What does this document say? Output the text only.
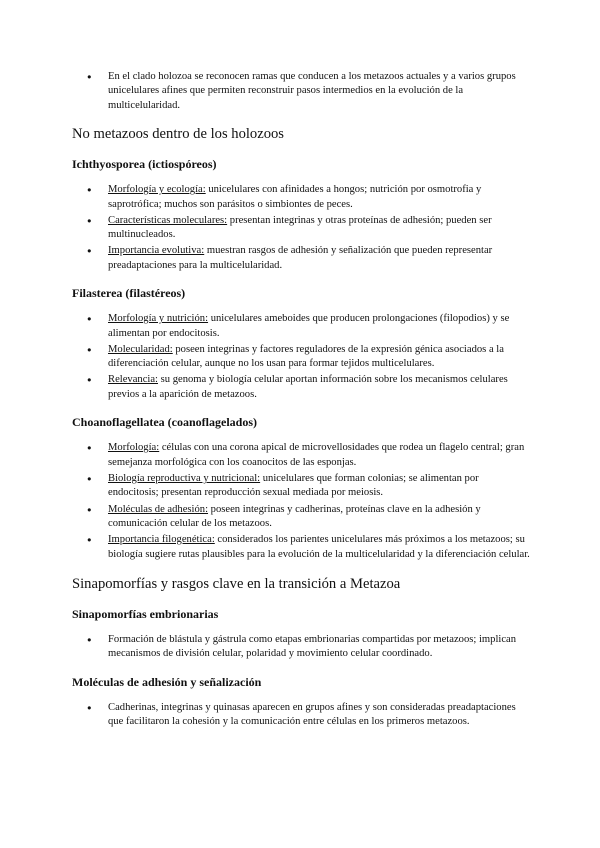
● En el clado holozoa se reconocen ramas que conducen a los metazoos actuales y a varios grupos unicelulares afines que permiten reconstruir pasos intermedios en la evolución de la multicelularidad.
No metazoos dentro de los holozoos
Ichthyosporea (ictiospóreos)
● Morfología y ecología: unicelulares con afinidades a hongos; nutrición por osmotrofia y saprotrófica; muchos son parásitos o simbiontes de peces.
● Características moleculares: presentan integrinas y otras proteínas de adhesión; pueden ser multinucleados.
● Importancia evolutiva: muestran rasgos de adhesión y señalización que pueden representar preadaptaciones para la multicelularidad.
Filasterea (filastéreos)
● Morfología y nutrición: unicelulares ameboides que producen prolongaciones (filopodios) y se alimentan por endocitosis.
● Molecularidad: poseen integrinas y factores reguladores de la expresión génica asociados a la diferenciación celular, aunque no los usan para formar tejidos multicelulares.
● Relevancia: su genoma y biología celular aportan información sobre los mecanismos celulares previos a la aparición de metazoos.
Choanoflagellatea (coanoflagelados)
● Morfología: células con una corona apical de microvellosidades que rodea un flagelo central; gran semejanza morfológica con los coanocitos de las esponjas.
● Biología reproductiva y nutricional: unicelulares que forman colonias; se alimentan por endocitosis; presentan reproducción sexual mediada por meiosis.
● Moléculas de adhesión: poseen integrinas y cadherinas, proteínas clave en la adhesión y comunicación celular de los metazoos.
● Importancia filogenética: considerados los parientes unicelulares más próximos a los metazoos; su biología sugiere rutas plausibles para la evolución de la multicelularidad y la diferenciación celular.
Sinapomorfías y rasgos clave en la transición a Metazoa
Sinapomorfías embrionarias
● Formación de blástula y gástrula como etapas embrionarias compartidas por metazoos; implican mecanismos de división celular, polaridad y movimiento celular coordinado.
Moléculas de adhesión y señalización
● Cadherinas, integrinas y quinasas aparecen en grupos afines y son consideradas preadaptaciones que facilitaron la cohesión y la comunicación entre células en los primeros metazoos.
